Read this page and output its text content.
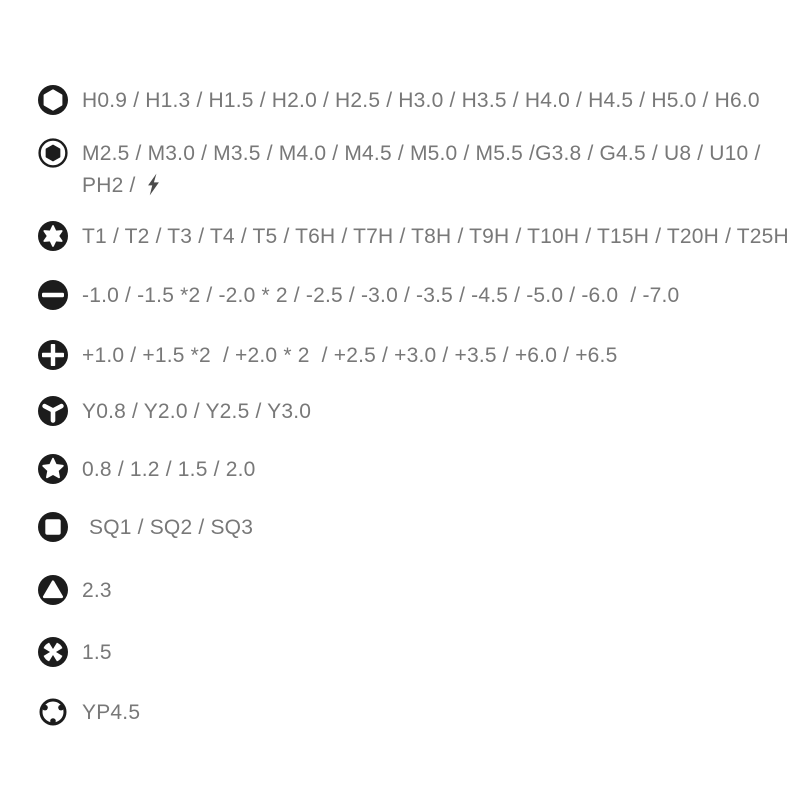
H0.9 / H1.3 / H1.5 / H2.0 / H2.5 / H3.0 / H3.5 / H4.0 / H4.5 / H5.0 / H6.0
M2.5 / M3.0 / M3.5 / M4.0 / M4.5 / M5.0 / M5.5 /G3.8 / G4.5 / U8 / U10 /
PH2 /
T1 / T2 / T3 / T4 / T5 / T6H / T7H / T8H / T9H / T10H / T15H / T20H / T25H
-1.0 / -1.5 *2 / -2.0 * 2 / -2.5 / -3.0 / -3.5 / -4.5 / -5.0 / -6.0  / -7.0
+1.0 / +1.5 *2  / +2.0 * 2  / +2.5 / +3.0 / +3.5 / +6.0 / +6.5
Y0.8 / Y2.0 / Y2.5 / Y3.0
0.8 / 1.2 / 1.5 / 2.0
SQ1 / SQ2 / SQ3
2.3
1.5
YP4.5
